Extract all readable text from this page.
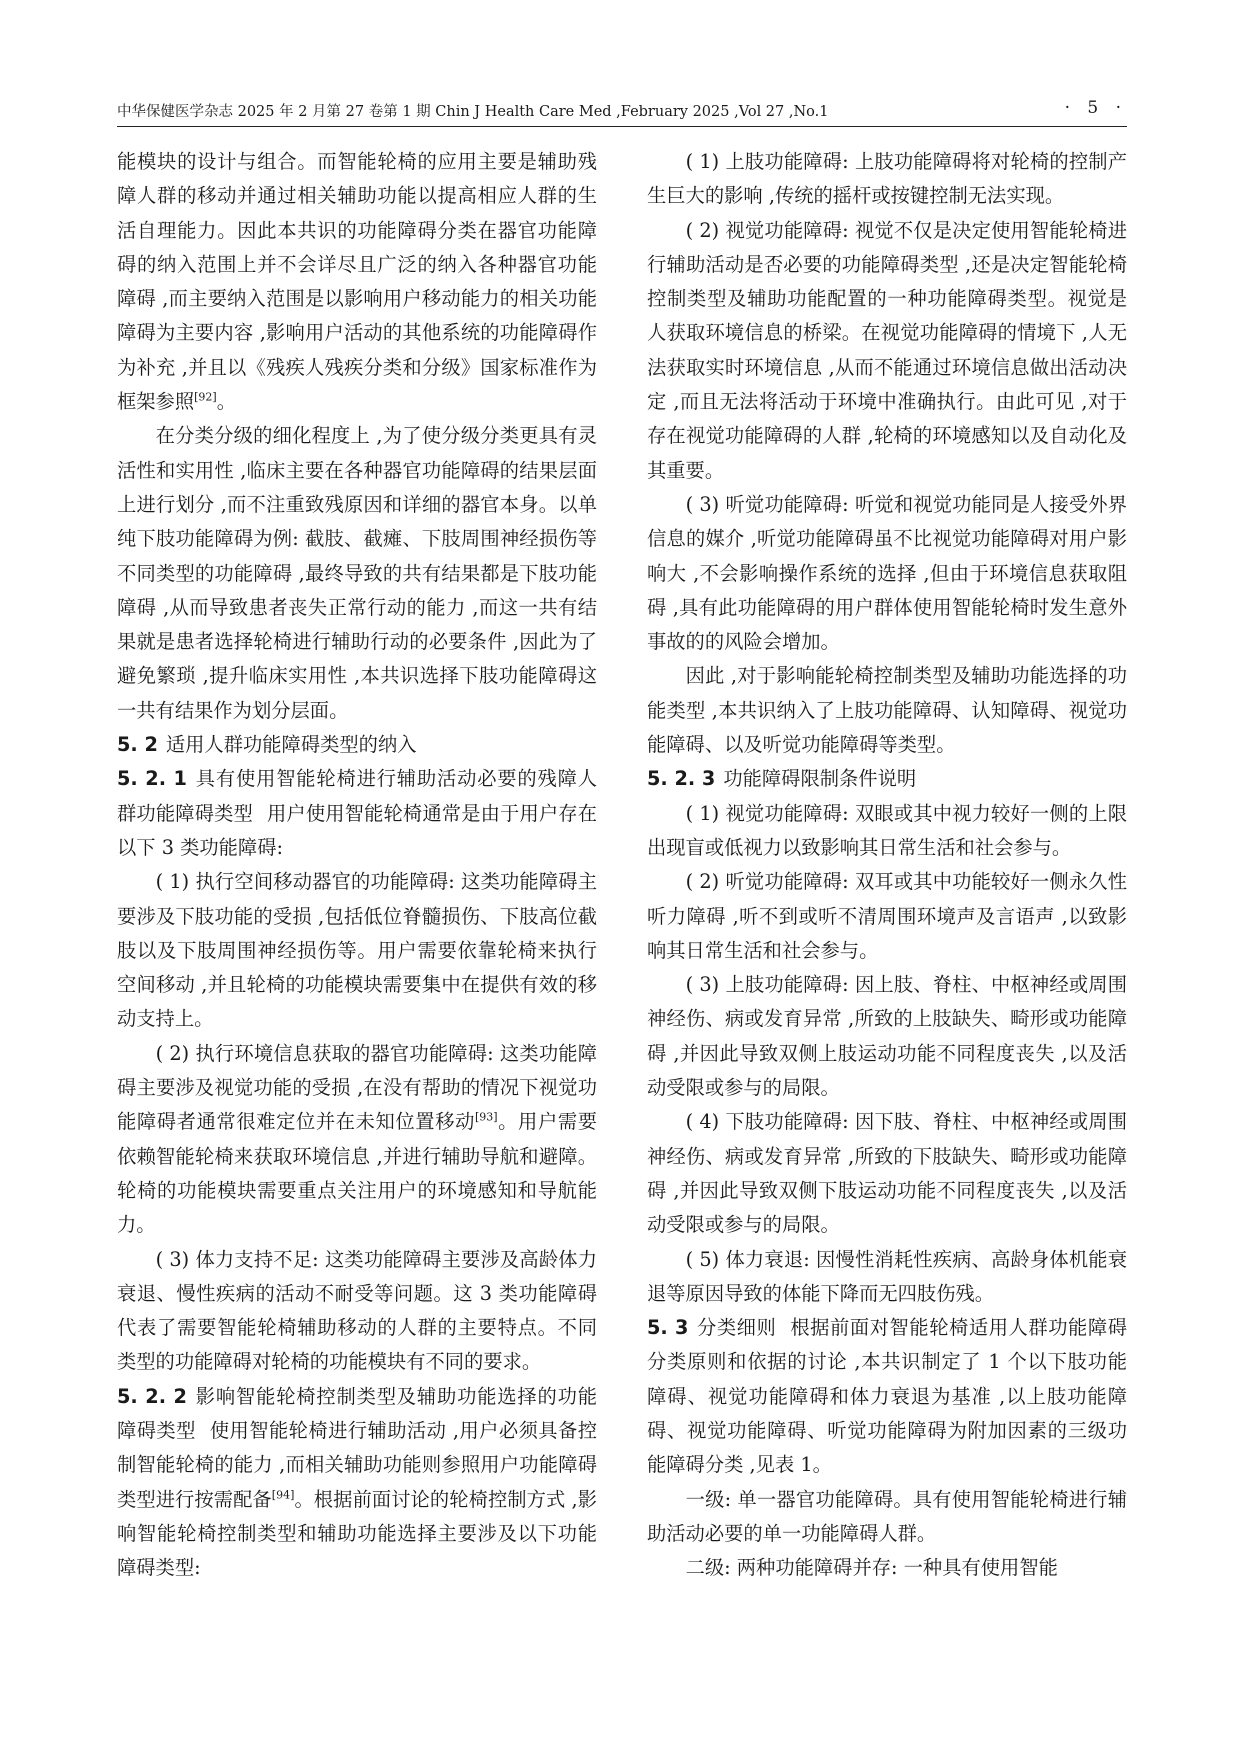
中华保健医学杂志 2025 年 2 月第 27 卷第 1 期 Chin J Health Care Med ,February 2025 ,Vol 27 ,No.1	· 5 ·

能模块的设计与组合。而智能轮椅的应用主要是辅助残障人群的移动并通过相关辅助功能以提高相应人群的生活自理能力。因此本共识的功能障碍分类在器官功能障碍的纳入范围上并不会详尽且广泛的纳入各种器官功能障碍 ,而主要纳入范围是以影响用户移动能力的相关功能障碍为主要内容 ,影响用户活动的其他系统的功能障碍作为补充 ,并且以《残疾人残疾分类和分级》国家标准作为框架参照[92]。

在分类分级的细化程度上 ,为了使分级分类更具有灵活性和实用性 ,临床主要在各种器官功能障碍的结果层面上进行划分 ,而不注重致残原因和详细的器官本身。以单纯下肢功能障碍为例: 截肢、截瘫、下肢周围神经损伤等不同类型的功能障碍 ,最终导致的共有结果都是下肢功能障碍 ,从而导致患者丧失正常行动的能力 ,而这一共有结果就是患者选择轮椅进行辅助行动的必要条件 ,因此为了避免繁琐 ,提升临床实用性 ,本共识选择下肢功能障碍这一共有结果作为划分层面。

5. 2 适用人群功能障碍类型的纳入

5. 2. 1 具有使用智能轮椅进行辅助活动必要的残障人群功能障碍类型 用户使用智能轮椅通常是由于用户存在以下 3 类功能障碍:

( 1) 执行空间移动器官的功能障碍: 这类功能障碍主要涉及下肢功能的受损 ,包括低位脊髓损伤、下肢高位截肢以及下肢周围神经损伤等。用户需要依靠轮椅来执行空间移动 ,并且轮椅的功能模块需要集中在提供有效的移动支持上。

( 2) 执行环境信息获取的器官功能障碍: 这类功能障碍主要涉及视觉功能的受损 ,在没有帮助的情况下视觉功能障碍者通常很难定位并在未知位置移动[93]。用户需要依赖智能轮椅来获取环境信息 ,并进行辅助导航和避障。轮椅的功能模块需要重点关注用户的环境感知和导航能力。

( 3) 体力支持不足: 这类功能障碍主要涉及高龄体力衰退、慢性疾病的活动不耐受等问题。这 3 类功能障碍代表了需要智能轮椅辅助移动的人群的主要特点。不同类型的功能障碍对轮椅的功能模块有不同的要求。

5. 2. 2 影响智能轮椅控制类型及辅助功能选择的功能障碍类型 使用智能轮椅进行辅助活动 ,用户必须具备控制智能轮椅的能力 ,而相关辅助功能则参照用户功能障碍类型进行按需配备[94]。根据前面讨论的轮椅控制方式 ,影响智能轮椅控制类型和辅助功能选择主要涉及以下功能障碍类型:

( 1) 上肢功能障碍: 上肢功能障碍将对轮椅的控制产生巨大的影响 ,传统的摇杆或按键控制无法实现。

( 2) 视觉功能障碍: 视觉不仅是决定使用智能轮椅进行辅助活动是否必要的功能障碍类型 ,还是决定智能轮椅控制类型及辅助功能配置的一种功能障碍类型。视觉是人获取环境信息的桥梁。在视觉功能障碍的情境下 ,人无法获取实时环境信息 ,从而不能通过环境信息做出活动决定 ,而且无法将活动于环境中准确执行。由此可见 ,对于存在视觉功能障碍的人群 ,轮椅的环境感知以及自动化及其重要。

( 3) 听觉功能障碍: 听觉和视觉功能同是人接受外界信息的媒介 ,听觉功能障碍虽不比视觉功能障碍对用户影响大 ,不会影响操作系统的选择 ,但由于环境信息获取阻碍 ,具有此功能障碍的用户群体使用智能轮椅时发生意外事故的的风险会增加。

因此 ,对于影响能轮椅控制类型及辅助功能选择的功能类型 ,本共识纳入了上肢功能障碍、认知障碍、视觉功能障碍、以及听觉功能障碍等类型。

5. 2. 3 功能障碍限制条件说明

( 1) 视觉功能障碍: 双眼或其中视力较好一侧的上限出现盲或低视力以致影响其日常生活和社会参与。

( 2) 听觉功能障碍: 双耳或其中功能较好一侧永久性听力障碍 ,听不到或听不清周围环境声及言语声 ,以致影响其日常生活和社会参与。

( 3) 上肢功能障碍: 因上肢、脊柱、中枢神经或周围神经伤、病或发育异常 ,所致的上肢缺失、畸形或功能障碍 ,并因此导致双侧上肢运动功能不同程度丧失 ,以及活动受限或参与的局限。

( 4) 下肢功能障碍: 因下肢、脊柱、中枢神经或周围神经伤、病或发育异常 ,所致的下肢缺失、畸形或功能障碍 ,并因此导致双侧下肢运动功能不同程度丧失 ,以及活动受限或参与的局限。

( 5) 体力衰退: 因慢性消耗性疾病、高龄身体机能衰退等原因导致的体能下降而无四肢伤残。

5. 3 分类细则 根据前面对智能轮椅适用人群功能障碍分类原则和依据的讨论 ,本共识制定了 1 个以下肢功能障碍、视觉功能障碍和体力衰退为基准 ,以上肢功能障碍、视觉功能障碍、听觉功能障碍为附加因素的三级功能障碍分类 ,见表 1。

一级: 单一器官功能障碍。具有使用智能轮椅进行辅助活动必要的单一功能障碍人群。

二级: 两种功能障碍并存: 一种具有使用智能
